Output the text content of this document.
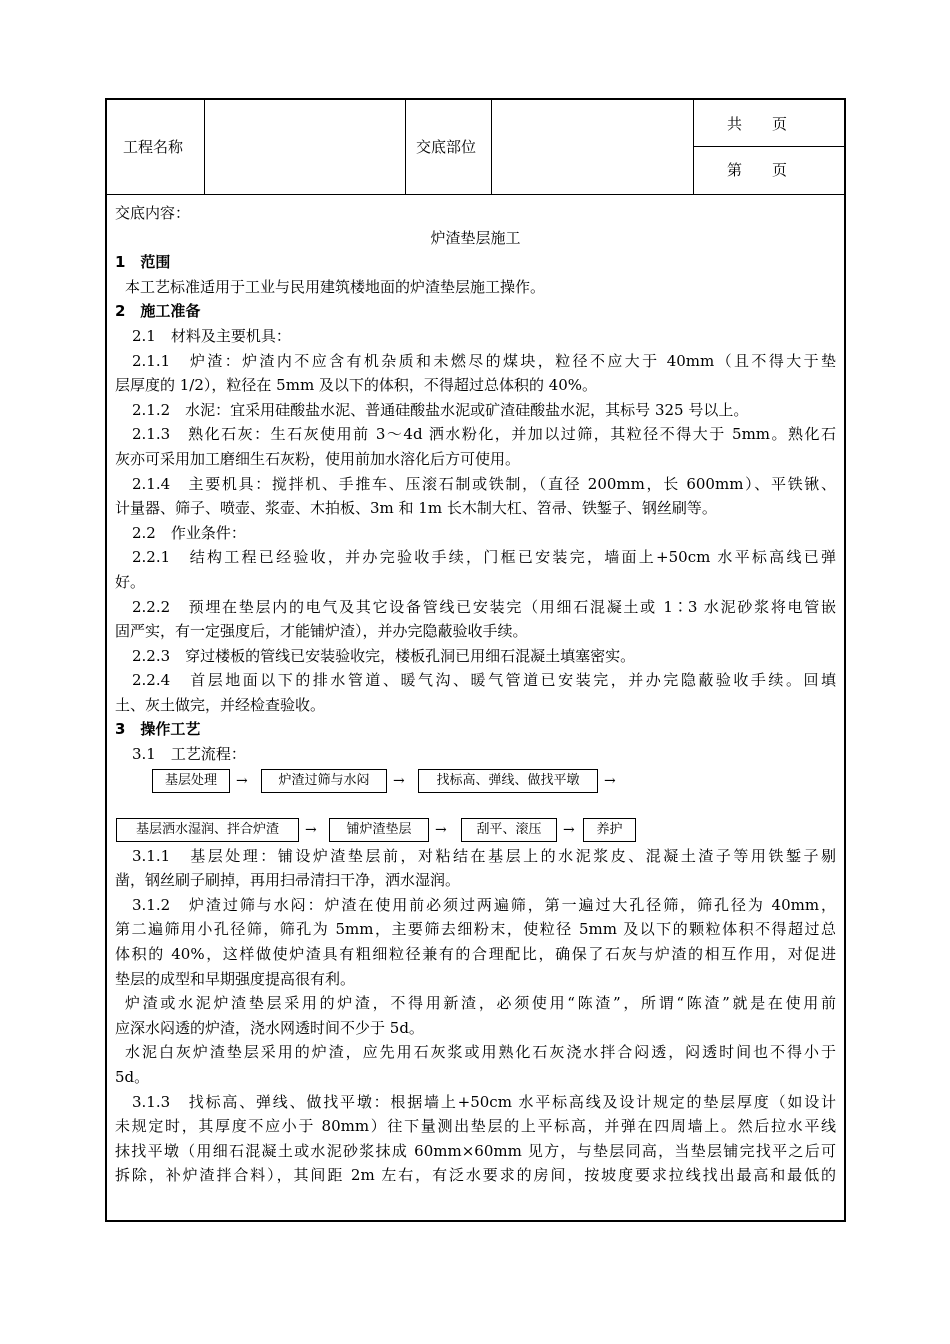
工程名称	交底部位
共　　页
第　　页
交底内容：
炉渣垫层施工
1　范围
本工艺标准适用于工业与民用建筑楼地面的炉渣垫层施工操作。
2　施工准备
2.1　材料及主要机具：
2.1.1　炉渣：炉渣内不应含有机杂质和未燃尽的煤块，粒径不应大于 40mm（且不得大于垫
层厚度的 1/2），粒径在 5mm 及以下的体积，不得超过总体积的 40%。
2.1.2　水泥：宜采用硅酸盐水泥、普通硅酸盐水泥或矿渣硅酸盐水泥，其标号 325 号以上。
2.1.3　熟化石灰：生石灰使用前 3～4d 洒水粉化，并加以过筛，其粒径不得大于 5mm。熟化石
灰亦可采用加工磨细生石灰粉，使用前加水溶化后方可使用。
2.1.4　主要机具：搅拌机、手推车、压滚石制或铁制，（直径 200mm，长 600mm）、平铁锹、
计量器、筛子、喷壶、浆壶、木拍板、3m 和 1m 长木制大杠、笤帚、铁錾子、钢丝刷等。
2.2　作业条件：
2.2.1　结构工程已经验收，并办完验收手续，门框已安装完，墙面上+50cm 水平标高线已弹
好。
2.2.2　预埋在垫层内的电气及其它设备管线已安装完（用细石混凝土或 1∶3 水泥砂浆将电管嵌
固严实，有一定强度后，才能铺炉渣），并办完隐蔽验收手续。
2.2.3　穿过楼板的管线已安装验收完，楼板孔洞已用细石混凝土填塞密实。
2.2.4　首层地面以下的排水管道、暖气沟、暖气管道已安装完，并办完隐蔽验收手续。回填
土、灰土做完，并经检查验收。
3　操作工艺
3.1　工艺流程：
基层处理	→	炉渣过筛与水闷	→	找标高、弹线、做找平墩	→
基层洒水湿润、拌合炉渣	→	铺炉渣垫层	→	刮平、滚压	→	养护
3.1.1　基层处理：铺设炉渣垫层前，对粘结在基层上的水泥浆皮、混凝土渣子等用铁錾子剔
凿，钢丝刷子刷掉，再用扫帚清扫干净，洒水湿润。
3.1.2　炉渣过筛与水闷：炉渣在使用前必须过两遍筛，第一遍过大孔径筛，筛孔径为 40mm，
第二遍筛用小孔径筛，筛孔为 5mm，主要筛去细粉末，使粒径 5mm 及以下的颗粒体积不得超过总
体积的 40%，这样做使炉渣具有粗细粒径兼有的合理配比，确保了石灰与炉渣的相互作用，对促进
垫层的成型和早期强度提高很有利。
炉渣或水泥炉渣垫层采用的炉渣，不得用新渣，必须使用“陈渣”，所谓“陈渣”就是在使用前
应深水闷透的炉渣，浇水网透时间不少于 5d。
水泥白灰炉渣垫层采用的炉渣，应先用石灰浆或用熟化石灰浇水拌合闷透，闷透时间也不得小于
5d。
3.1.3　找标高、弹线、做找平墩：根据墙上+50cm 水平标高线及设计规定的垫层厚度（如设计
未规定时，其厚度不应小于 80mm）往下量测出垫层的上平标高，并弹在四周墙上。然后拉水平线
抹找平墩（用细石混凝土或水泥砂浆抹成 60mm×60mm 见方，与垫层同高，当垫层铺完找平之后可
拆除，补炉渣拌合料），其间距 2m 左右，有泛水要求的房间，按坡度要求拉线找出最高和最低的
